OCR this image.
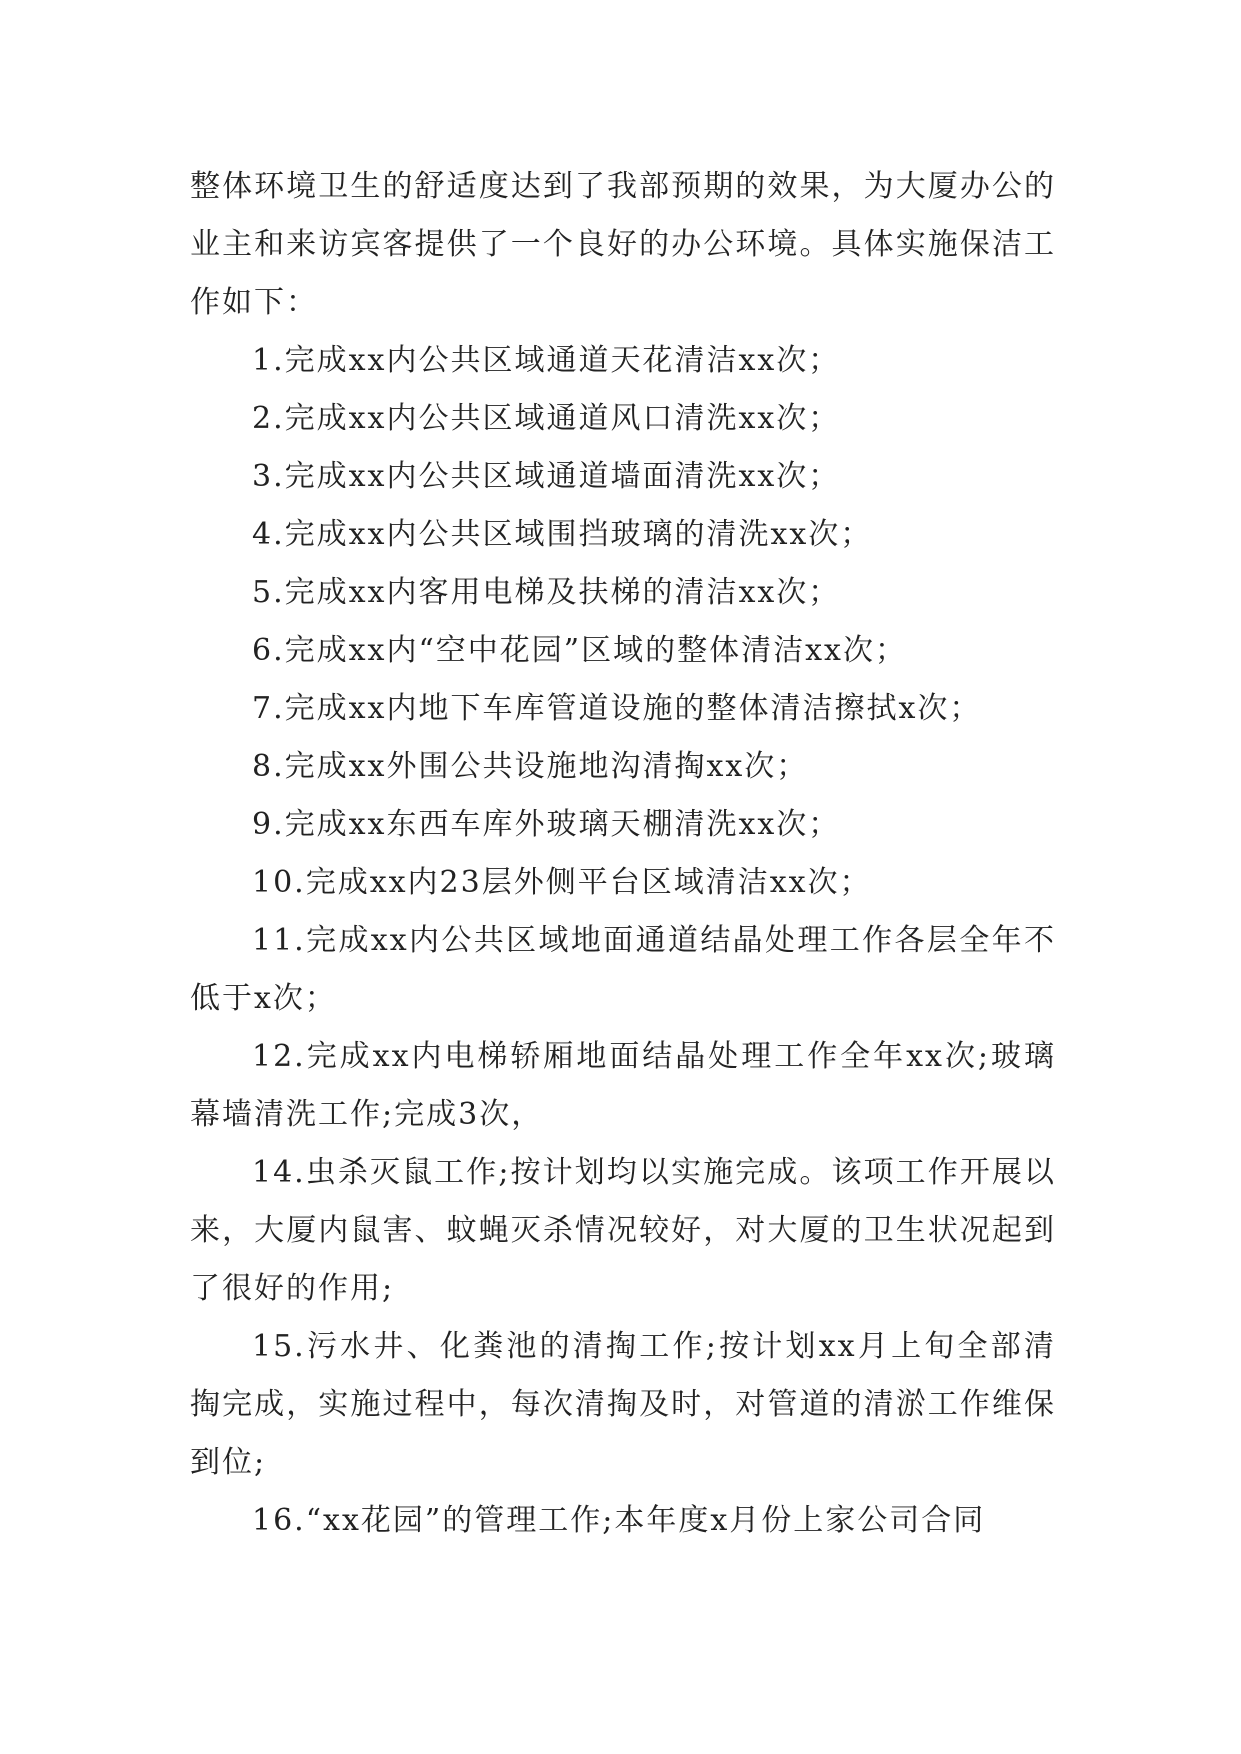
整体环境卫生的舒适度达到了我部预期的效果，为大厦办公的业主和来访宾客提供了一个良好的办公环境。具体实施保洁工作如下：

1.完成xx内公共区域通道天花清洁xx次；

2.完成xx内公共区域通道风口清洗xx次；

3.完成xx内公共区域通道墙面清洗xx次；

4.完成xx内公共区域围挡玻璃的清洗xx次；

5.完成xx内客用电梯及扶梯的清洁xx次；

6.完成xx内“空中花园”区域的整体清洁xx次；

7.完成xx内地下车库管道设施的整体清洁擦拭x次；

8.完成xx外围公共设施地沟清掏xx次；

9.完成xx东西车库外玻璃天棚清洗xx次；

10.完成xx内23层外侧平台区域清洁xx次；

11.完成xx内公共区域地面通道结晶处理工作各层全年不低于x次；

12.完成xx内电梯轿厢地面结晶处理工作全年xx次;玻璃幕墙清洗工作;完成3次，

14.虫杀灭鼠工作;按计划均以实施完成。该项工作开展以来，大厦内鼠害、蚊蝇灭杀情况较好，对大厦的卫生状况起到了很好的作用;

15.污水井、化粪池的清掏工作;按计划xx月上旬全部清掏完成，实施过程中，每次清掏及时，对管道的清淤工作维保到位;

16.“xx花园”的管理工作;本年度x月份上家公司合同
